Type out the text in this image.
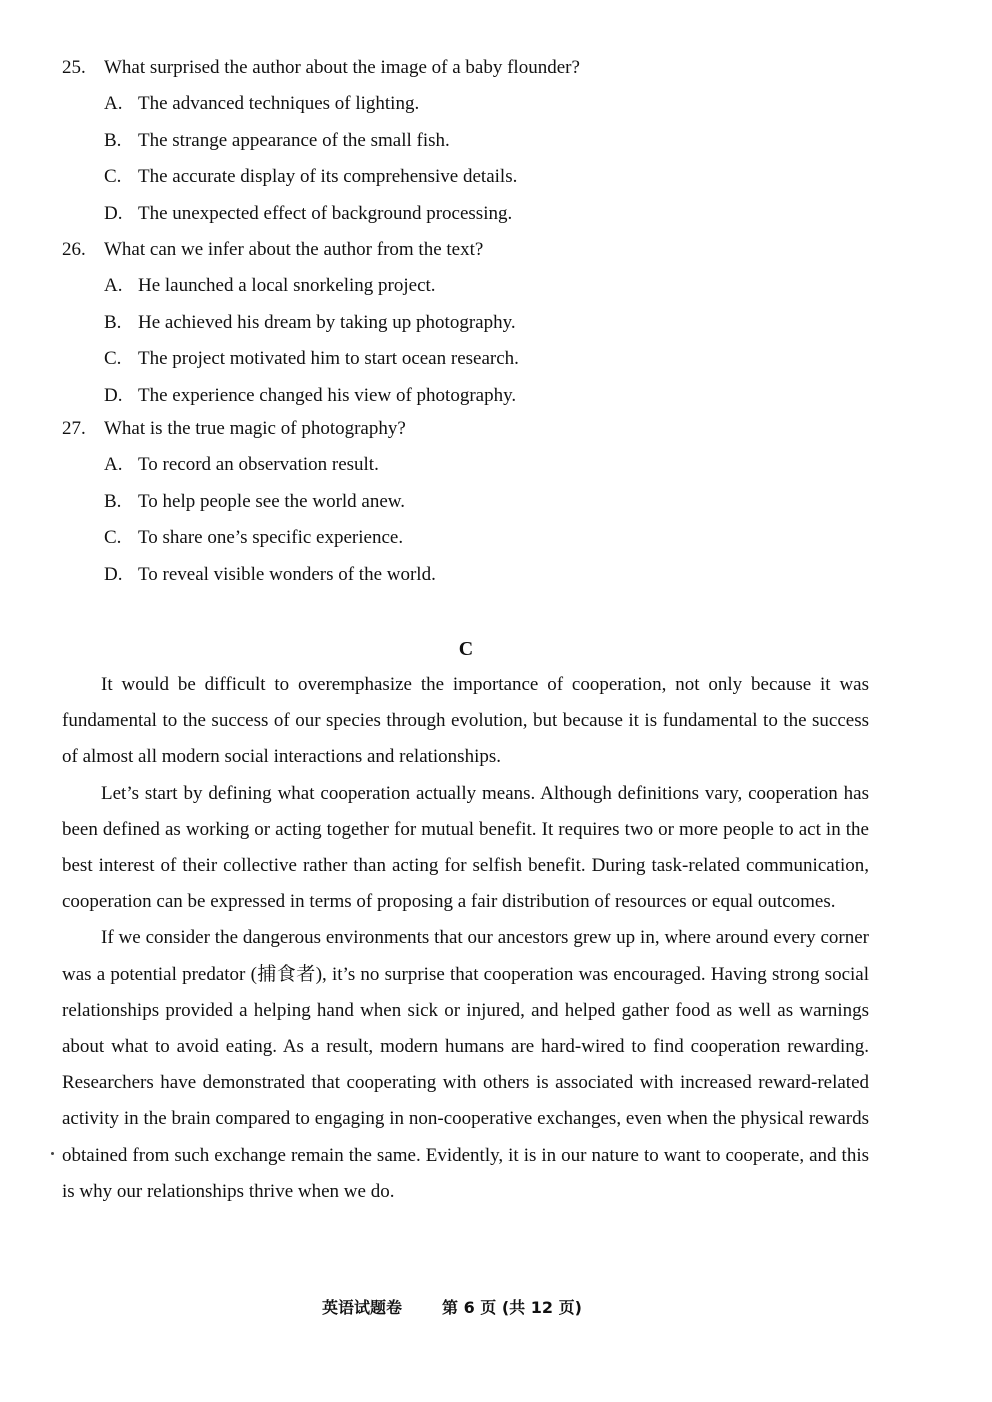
25. What surprised the author about the image of a baby flounder?
A. The advanced techniques of lighting.
B. The strange appearance of the small fish.
C. The accurate display of its comprehensive details.
D. The unexpected effect of background processing.
26. What can we infer about the author from the text?
A. He launched a local snorkeling project.
B. He achieved his dream by taking up photography.
C. The project motivated him to start ocean research.
D. The experience changed his view of photography.
27. What is the true magic of photography?
A. To record an observation result.
B. To help people see the world anew.
C. To share one’s specific experience.
D. To reveal visible wonders of the world.
C

It would be difficult to overemphasize the importance of cooperation, not only because it was fundamental to the success of our species through evolution, but because it is fundamental to the success of almost all modern social interactions and relationships.

Let’s start by defining what cooperation actually means. Although definitions vary, cooperation has been defined as working or acting together for mutual benefit. It requires two or more people to act in the best interest of their collective rather than acting for selfish benefit. During task-related communication, cooperation can be expressed in terms of proposing a fair distribution of resources or equal outcomes.

If we consider the dangerous environments that our ancestors grew up in, where around every corner was a potential predator (捕食者), it’s no surprise that cooperation was encouraged. Having strong social relationships provided a helping hand when sick or injured, and helped gather food as well as warnings about what to avoid eating. As a result, modern humans are hard-wired to find cooperation rewarding. Researchers have demonstrated that cooperating with others is associated with increased reward-related activity in the brain compared to engaging in non-cooperative exchanges, even when the physical rewards obtained from such exchange remain the same. Evidently, it is in our nature to want to cooperate, and this is why our relationships thrive when we do.

英语试题卷	第 6 页 (共 12 页)
